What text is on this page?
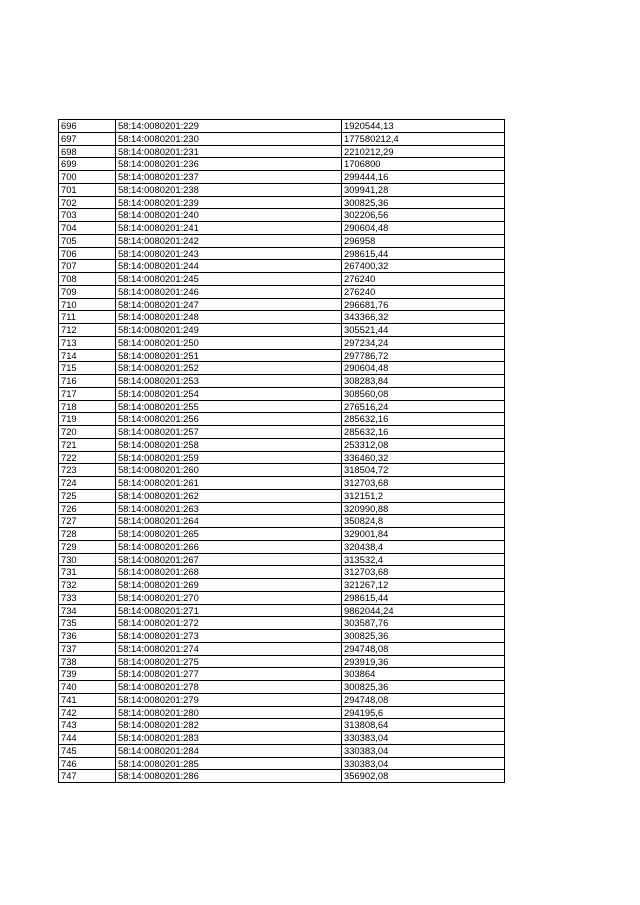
696	58:14:0080201:229	1920544,13
697	58:14:0080201:230	177580212,4
698	58:14:0080201:231	2210212,29
699	58:14:0080201:236	1706800
700	58:14:0080201:237	299444,16
701	58:14:0080201:238	309941,28
702	58:14:0080201:239	300825,36
703	58:14:0080201:240	302206,56
704	58:14:0080201:241	290604,48
705	58:14:0080201:242	296958
706	58:14:0080201:243	298615,44
707	58:14:0080201:244	267400,32
708	58:14:0080201:245	276240
709	58:14:0080201:246	276240
710	58:14:0080201:247	296681,76
711	58:14:0080201:248	343366,32
712	58:14:0080201:249	305521,44
713	58:14:0080201:250	297234,24
714	58:14:0080201:251	297786,72
715	58:14:0080201:252	290604,48
716	58:14:0080201:253	308283,84
717	58:14:0080201:254	308560,08
718	58:14:0080201:255	276516,24
719	58:14:0080201:256	285632,16
720	58:14:0080201:257	285632,16
721	58:14:0080201:258	253312,08
722	58:14:0080201:259	336460,32
723	58:14:0080201:260	318504,72
724	58:14:0080201:261	312703,68
725	58:14:0080201:262	312151,2
726	58:14:0080201:263	320990,88
727	58:14:0080201:264	350824,8
728	58:14:0080201:265	329001,84
729	58:14:0080201:266	320438,4
730	58:14:0080201:267	313532,4
731	58:14:0080201:268	312703,68
732	58:14:0080201:269	321267,12
733	58:14:0080201:270	298615,44
734	58:14:0080201:271	9862044,24
735	58:14:0080201:272	303587,76
736	58:14:0080201:273	300825,36
737	58:14:0080201:274	294748,08
738	58:14:0080201:275	293919,36
739	58:14:0080201:277	303864
740	58:14:0080201:278	300825,36
741	58:14:0080201:279	294748,08
742	58:14:0080201:280	294195,6
743	58:14:0080201:282	313808,64
744	58:14:0080201:283	330383,04
745	58:14:0080201:284	330383,04
746	58:14:0080201:285	330383,04
747	58:14:0080201:286	356902,08
